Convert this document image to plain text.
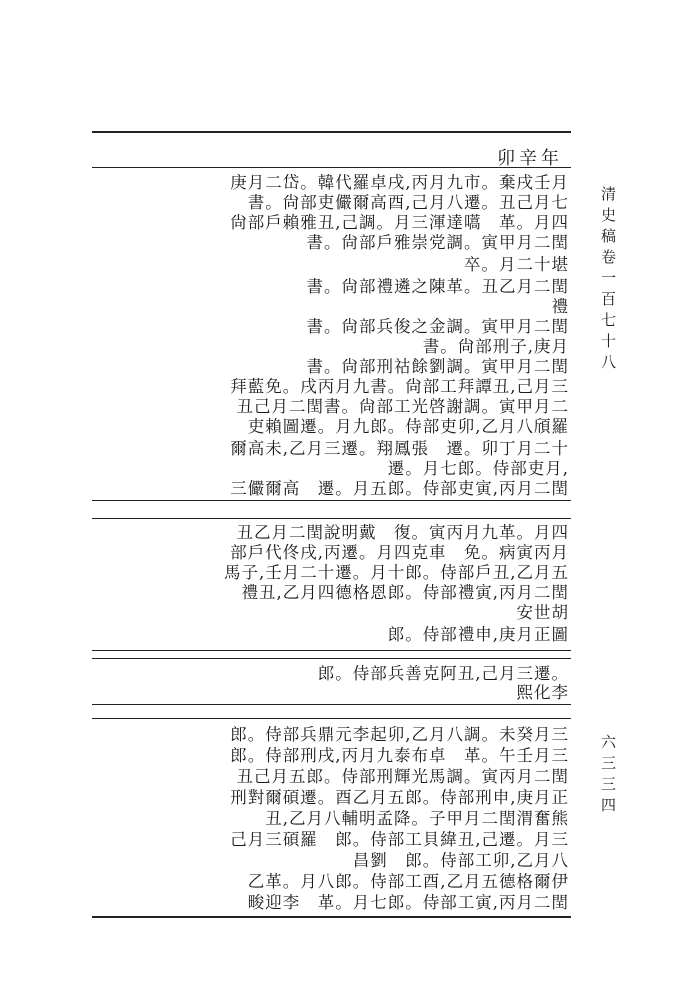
卯辛年
清史稿卷一百七十八
六三三四
庚月二岱。韓代羅卓戌,丙月九市。棄戌壬月
書。尙部吏儼爾高酉,己月八遷。丑己月七
尙部戶賴雅丑,己調。月三渾達嚆　革。月四
書。尙部戶雅崇党調。寅甲月二閏
卒。月二十堪
書。尙部禮遴之陳革。丑乙月二閏
禮
書。尙部兵俊之金調。寅甲月二閏
書。尙部刑子,庚月
書。尙部刑祜餘劉調。寅甲月二閏
拜藍免。戌丙月九書。尙部工拜譚丑,己月三
丑己月二閏書。尙部工光啓謝調。寅甲月二
吏賴圖遷。月九郎。侍部吏卯,乙月八頎羅
爾高未,乙月三遷。翔鳳張　遷。卯丁月二十
遷。月七郎。侍部吏月,
三儼爾高　遷。月五郎。侍部吏寅,丙月二閏
丑乙月二閏說明戴　復。寅丙月九革。月四
部戶代佟戌,丙遷。月四克車　免。病寅丙月
馬子,壬月二十遷。月十郎。侍部戶丑,乙月五
禮丑,乙月四德格恩郎。侍部禮寅,丙月二閏
安世胡
郎。侍部禮申,庚月正圖
郎。侍部兵善克阿丑,己月三遷。
熙化李
郎。侍部兵鼎元李起卯,乙月八調。未癸月三
郎。侍部刑戌,丙月九泰布卓　革。午壬月三
丑己月五郎。侍部刑輝光馬調。寅丙月二閏
刑對爾碩遷。酉乙月五郎。侍部刑申,庚月正
丑,乙月八輔明孟降。子甲月二閏渭奮熊
己月三碩羅　郎。侍部工貝緯丑,己遷。月三
昌劉　郎。侍部工卯,乙月八
乙革。月八郎。侍部工酉,乙月五德格爾伊
畯迎李　革。月七郎。侍部工寅,丙月二閏
